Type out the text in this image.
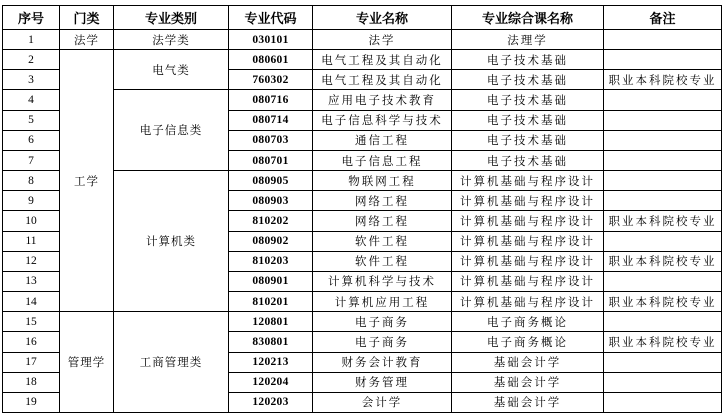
序号	门类	专业类别	专业代码	专业名称	专业综合课名称	备注
1	法学	法学类	030101	法学	法理学	
2	工学	电气类	080601	电气工程及其自动化	电子技术基础	
3			760302	电气工程及其自动化	电子技术基础	职业本科院校专业
4		电子信息类	080716	应用电子技术教育	电子技术基础	
5			080714	电子信息科学与技术	电子技术基础	
6			080703	通信工程	电子技术基础	
7			080701	电子信息工程	电子技术基础	
8		计算机类	080905	物联网工程	计算机基础与程序设计	
9			080903	网络工程	计算机基础与程序设计	
10			810202	网络工程	计算机基础与程序设计	职业本科院校专业
11			080902	软件工程	计算机基础与程序设计	
12			810203	软件工程	计算机基础与程序设计	职业本科院校专业
13			080901	计算机科学与技术	计算机基础与程序设计	
14			810201	计算机应用工程	计算机基础与程序设计	职业本科院校专业
15	管理学	工商管理类	120801	电子商务	电子商务概论	
16			830801	电子商务	电子商务概论	职业本科院校专业
17			120213	财务会计教育	基础会计学	
18			120204	财务管理	基础会计学	
19			120203	会计学	基础会计学	
